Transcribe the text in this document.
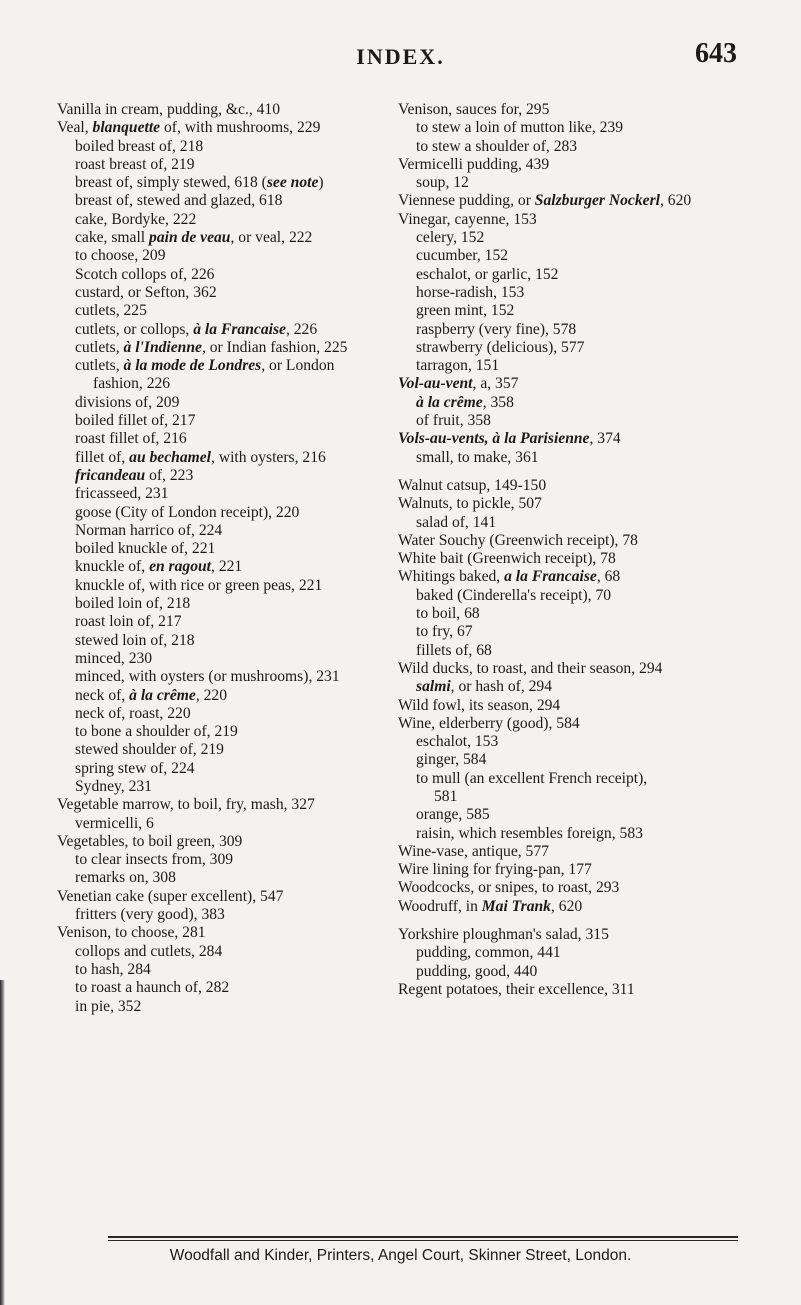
INDEX.	643
Vanilla in cream, pudding, &c., 410
Veal, blanquette of, with mushrooms, 229
boiled breast of, 218
roast breast of, 219
breast of, simply stewed, 618 (see note)
breast of, stewed and glazed, 618
cake, Bordyke, 222
cake, small pain de veau, or veal, 222
to choose, 209
Scotch collops of, 226
custard, or Sefton, 362
cutlets, 225
cutlets, or collops, à la Francaise, 226
cutlets, à l'Indienne, or Indian fashion, 225
cutlets, à la mode de Londres, or London
fashion, 226
divisions of, 209
boiled fillet of, 217
roast fillet of, 216
fillet of, au bechamel, with oysters, 216
fricandeau of, 223
fricasseed, 231
goose (City of London receipt), 220
Norman harrico of, 224
boiled knuckle of, 221
knuckle of, en ragout, 221
knuckle of, with rice or green peas, 221
boiled loin of, 218
roast loin of, 217
stewed loin of, 218
minced, 230
minced, with oysters (or mushrooms), 231
neck of, à la crême, 220
neck of, roast, 220
to bone a shoulder of, 219
stewed shoulder of, 219
spring stew of, 224
Sydney, 231
Vegetable marrow, to boil, fry, mash, 327
vermicelli, 6
Vegetables, to boil green, 309
to clear insects from, 309
remarks on, 308
Venetian cake (super excellent), 547
fritters (very good), 383
Venison, to choose, 281
collops and cutlets, 284
to hash, 284
to roast a haunch of, 282
in pie, 352
Venison, sauces for, 295
to stew a loin of mutton like, 239
to stew a shoulder of, 283
Vermicelli pudding, 439
soup, 12
Viennese pudding, or Salzburger Nockerl, 620
Vinegar, cayenne, 153
celery, 152
cucumber, 152
eschalot, or garlic, 152
horse-radish, 153
green mint, 152
raspberry (very fine), 578
strawberry (delicious), 577
tarragon, 151
Vol-au-vent, a, 357
à la crême, 358
of fruit, 358
Vols-au-vents, à la Parisienne, 374
small, to make, 361
Walnut catsup, 149-150
Walnuts, to pickle, 507
salad of, 141
Water Souchy (Greenwich receipt), 78
White bait (Greenwich receipt), 78
Whitings baked, a la Francaise, 68
baked (Cinderella's receipt), 70
to boil, 68
to fry, 67
fillets of, 68
Wild ducks, to roast, and their season, 294
salmi, or hash of, 294
Wild fowl, its season, 294
Wine, elderberry (good), 584
eschalot, 153
ginger, 584
to mull (an excellent French receipt),
581
orange, 585
raisin, which resembles foreign, 583
Wine-vase, antique, 577
Wire lining for frying-pan, 177
Woodcocks, or snipes, to roast, 293
Woodruff, in Mai Trank, 620
Yorkshire ploughman's salad, 315
pudding, common, 441
pudding, good, 440
Regent potatoes, their excellence, 311
Woodfall and Kinder, Printers, Angel Court, Skinner Street, London.
